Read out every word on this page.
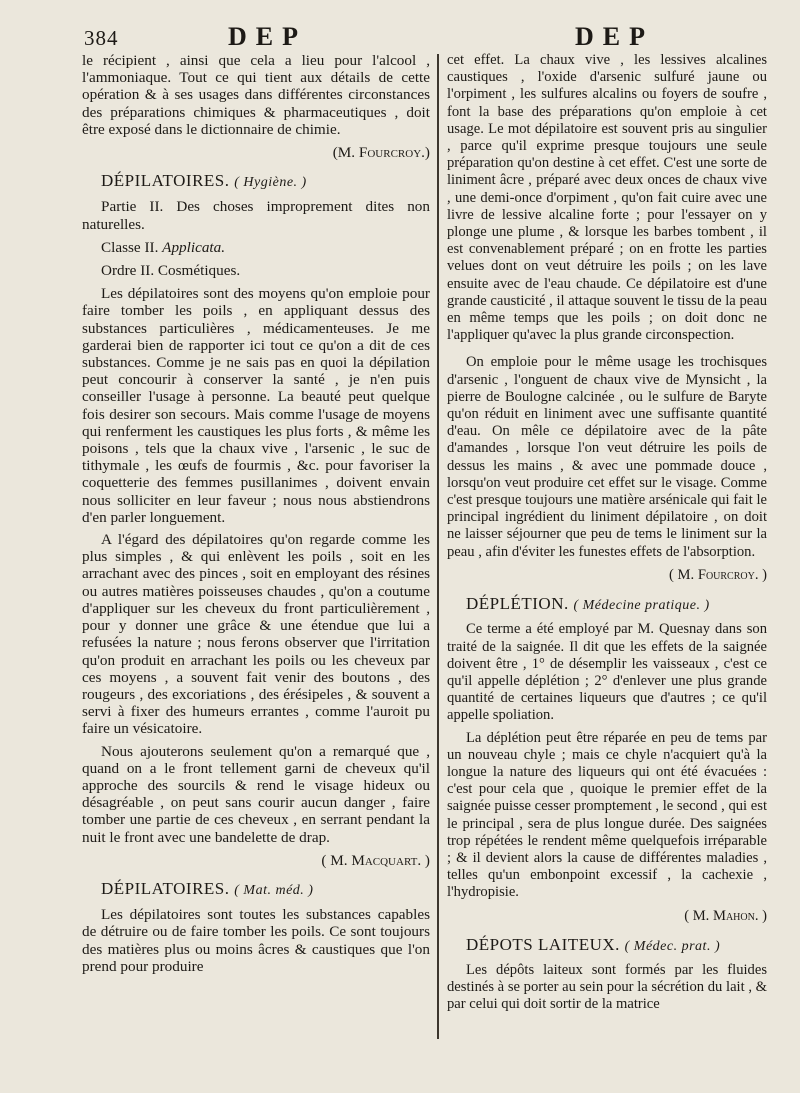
384	DEP	DEP

le récipient , ainsi que cela a lieu pour l'alcool , l'ammoniaque. Tout ce qui tient aux détails de cette opération & à ses usages dans différentes circonstances des préparations chimiques & pharmaceutiques , doit être exposé dans le dictionnaire de chimie.

(M. Fourcroy.)

DÉPILATOIRES. ( Hygiène. )

Partie II. Des choses improprement dites non naturelles.

Classe II. Applicata.

Ordre II. Cosmétiques.

Les dépilatoires sont des moyens qu'on emploie pour faire tomber les poils , en appliquant dessus des substances particulières , médicamenteuses. Je me garderai bien de rapporter ici tout ce qu'on a dit de ces substances. Comme je ne sais pas en quoi la dépilation peut concourir à conserver la santé , je n'en puis conseiller l'usage à personne. La beauté peut quelque fois desirer son secours. Mais comme l'usage de moyens qui renferment les caustiques les plus forts , & même les poisons , tels que la chaux vive , l'arsenic , le suc de tithymale , les œufs de fourmis , &c. pour favoriser la coquetterie des femmes pusillanimes , doivent envain nous solliciter en leur faveur ; nous nous abstiendrons d'en parler longuement.

A l'égard des dépilatoires qu'on regarde comme les plus simples , & qui enlèvent les poils , soit en les arrachant avec des pinces , soit en employant des résines ou autres matières poisseuses chaudes , qu'on a coutume d'appliquer sur les cheveux du front particulièrement , pour y donner une grâce & une étendue que lui a refusées la nature ; nous ferons observer que l'irritation qu'on produit en arrachant les poils ou les cheveux par ces moyens , a souvent fait venir des boutons , des rougeurs , des excoriations , des érésipeles , & souvent a servi à fixer des humeurs errantes , comme l'auroit pu faire un vésicatoire.

Nous ajouterons seulement qu'on a remarqué que , quand on a le front tellement garni de cheveux qu'il approche des sourcils & rend le visage hideux ou désagréable , on peut sans courir aucun danger , faire tomber une partie de ces cheveux , en serrant pendant la nuit le front avec une bandelette de drap.

( M. Macquart. )

DÉPILATOIRES. ( Mat. méd. )

Les dépilatoires sont toutes les substances capables de détruire ou de faire tomber les poils. Ce sont toujours des matières plus ou moins âcres & caustiques que l'on prend pour produire

cet effet. La chaux vive , les lessives alcalines caustiques , l'oxide d'arsenic sulfuré jaune ou l'orpiment , les sulfures alcalins ou foyers de soufre , font la base des préparations qu'on emploie à cet usage. Le mot dépilatoire est souvent pris au singulier , parce qu'il exprime presque toujours une seule préparation qu'on destine à cet effet. C'est une sorte de liniment âcre , préparé avec deux onces de chaux vive , une demi-once d'orpiment , qu'on fait cuire avec une livre de lessive alcaline forte ; pour l'essayer on y plonge une plume , & lorsque les barbes tombent , il est convenablement préparé ; on en frotte les parties velues dont on veut détruire les poils ; on les lave ensuite avec de l'eau chaude. Ce dépilatoire est d'une grande causticité , il attaque souvent le tissu de la peau en même temps que les poils ; on doit donc ne l'appliquer qu'avec la plus grande circonspection.

On emploie pour le même usage les trochisques d'arsenic , l'onguent de chaux vive de Mynsicht , la pierre de Boulogne calcinée , ou le sulfure de Baryte qu'on réduit en liniment avec une suffisante quantité d'eau. On mêle ce dépilatoire avec de la pâte d'amandes , lorsque l'on veut détruire les poils de dessus les mains , & avec une pommade douce , lorsqu'on veut produire cet effet sur le visage. Comme c'est presque toujours une matière arsénicale qui fait le principal ingrédient du liniment dépilatoire , on doit ne laisser séjourner que peu de tems le liniment sur la peau , afin d'éviter les funestes effets de l'absorption.

( M. Fourcroy. )

DÉPLÉTION. ( Médecine pratique. )

Ce terme a été employé par M. Quesnay dans son traité de la saignée. Il dit que les effets de la saignée doivent être , 1° de désemplir les vaisseaux , c'est ce qu'il appelle déplétion ; 2° d'enlever une plus grande quantité de certaines liqueurs que d'autres ; ce qu'il appelle spoliation.

La déplétion peut être réparée en peu de tems par un nouveau chyle ; mais ce chyle n'acquiert qu'à la longue la nature des liqueurs qui ont été évacuées : c'est pour cela que , quoique le premier effet de la saignée puisse cesser promptement , le second , qui est le principal , sera de plus longue durée. Des saignées trop répétées le rendent même quelquefois irréparable ; & il devient alors la cause de différentes maladies , telles qu'un embonpoint excessif , la cachexie , l'hydropisie.

( M. Mahon. )

DÉPOTS LAITEUX. ( Médec. prat. )

Les dépôts laiteux sont formés par les fluides destinés à se porter au sein pour la sécrétion du lait , & par celui qui doit sortir de la matrice
